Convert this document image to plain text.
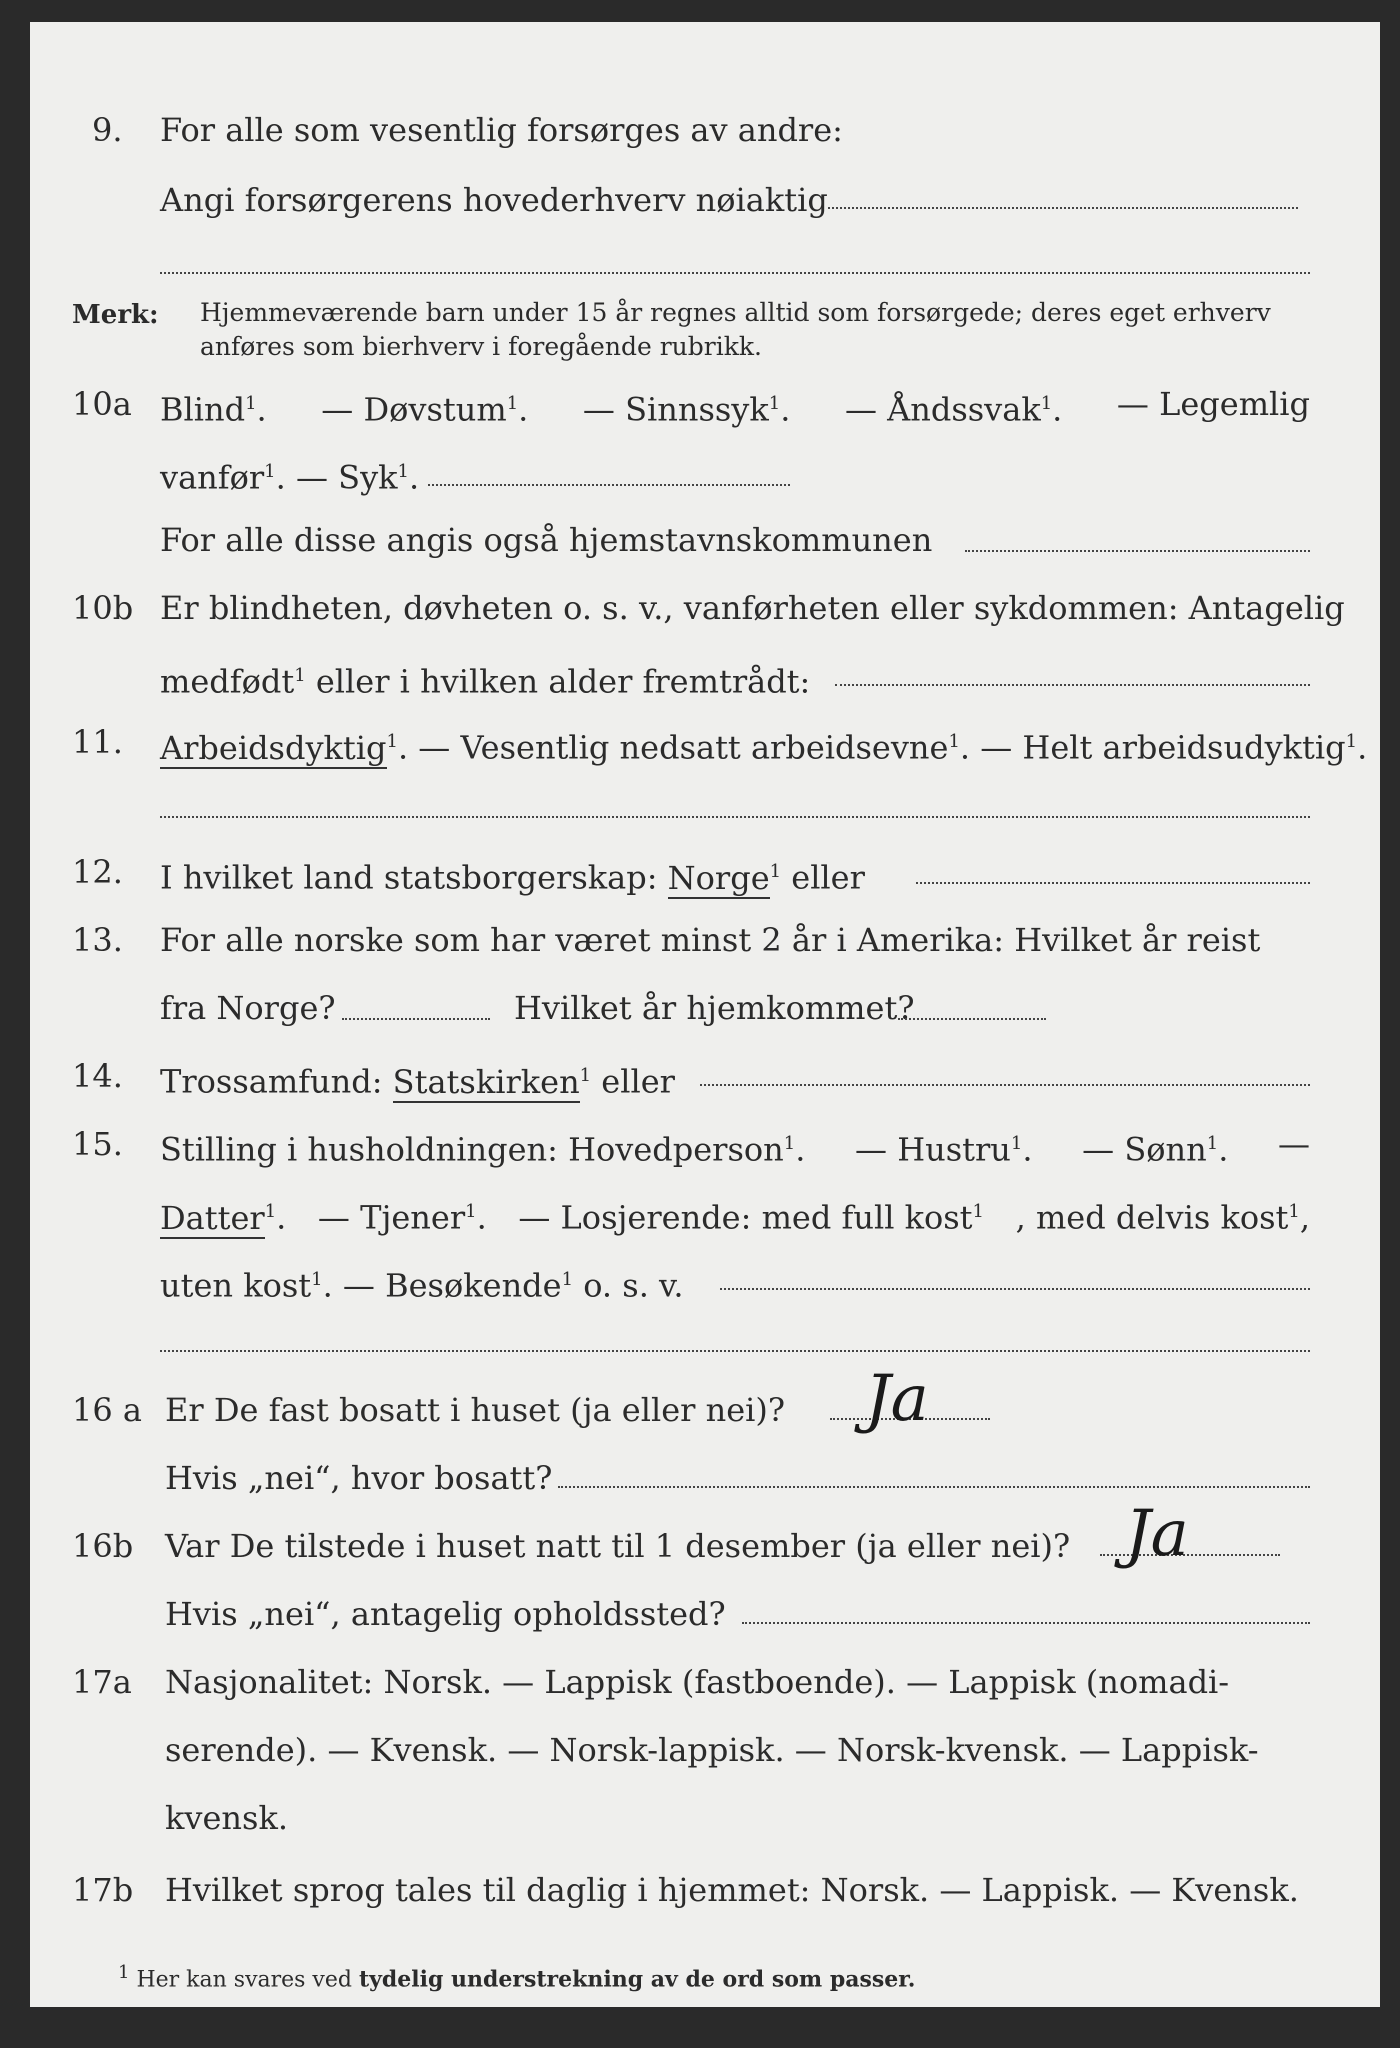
9. For alle som vesentlig forsørges av andre:
Angi forsørgerens hovederhverv nøiaktig
Merk: Hjemmeværende barn under 15 år regnes alltid som forsørgede; deres eget erhverv
anføres som bierhverv i foregående rubrikk.
10a Blind$^1$. — Døvstum$^1$. — Sinnssyk$^1$. — Åndssvak$^1$. — Legemlig
vanfør$^1$. — Syk$^1$.
For alle disse angis også hjemstavnskommunen
10b Er blindheten, døvheten o. s. v., vanførheten eller sykdommen: Antagelig
medfødt$^1$ eller i hvilken alder fremtrådt:
11. Arbeidsdyktig$^1$. — Vesentlig nedsatt arbeidsevne$^1$. — Helt arbeidsudyktig$^1$.
12. I hvilket land statsborgerskap: Norge$^1$ eller
13. For alle norske som har været minst 2 år i Amerika: Hvilket år reist
fra Norge?	Hvilket år hjemkommet?
14. Trossamfund: Statskirken$^1$ eller
15. Stilling i husholdningen: Hovedperson$^1$. — Hustru$^1$. — Sønn$^1$. —
Datter$^1$. — Tjener$^1$. — Losjerende: med full kost$^1$ , med delvis kost$^1$,
uten kost$^1$. — Besøkende$^1$ o. s. v.
16 a Er De fast bosatt i huset (ja eller nei)? Ja
Hvis „nei“, hvor bosatt?
16b Var De tilstede i huset natt til 1 desember (ja eller nei)? Ja
Hvis „nei“, antagelig opholdssted?
17a Nasjonalitet: Norsk. — Lappisk (fastboende). — Lappisk (nomadi-
serende). — Kvensk. — Norsk-lappisk. — Norsk-kvensk. — Lappisk-
kvensk.
17b Hvilket sprog tales til daglig i hjemmet: Norsk. — Lappisk. — Kvensk.
$^1$ Her kan svares ved tydelig understrekning av de ord som passer.
